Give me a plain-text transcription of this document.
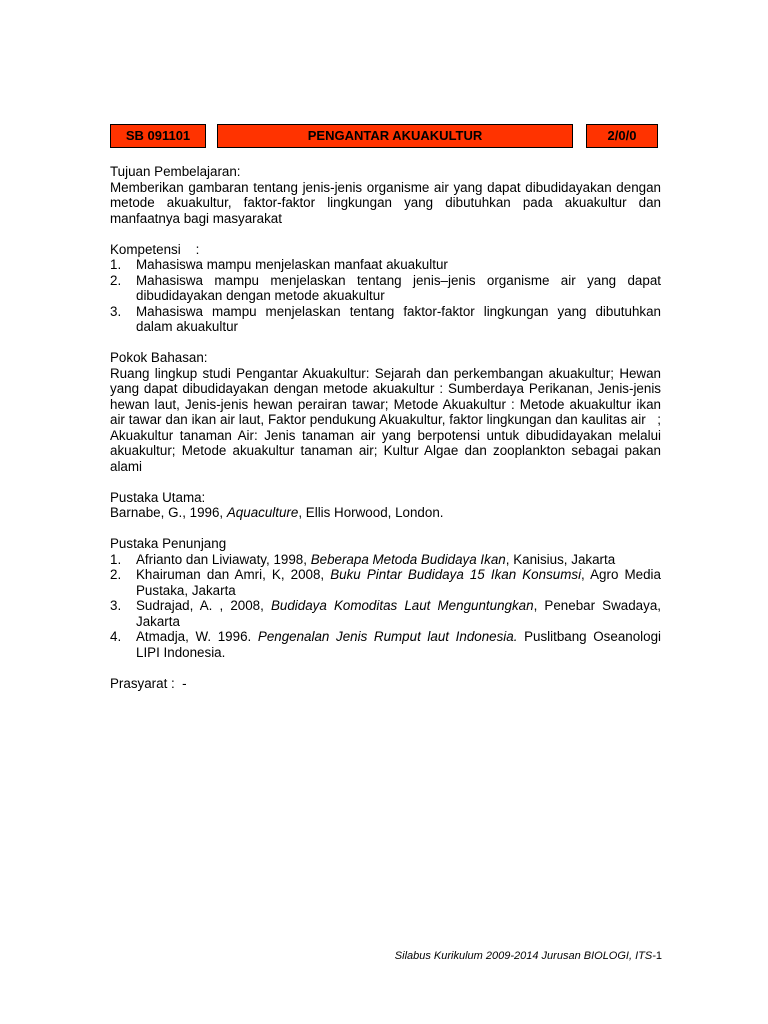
SB 091101	PENGANTAR AKUAKULTUR	2/0/0

Tujuan Pembelajaran:

Memberikan gambaran tentang jenis-jenis organisme air yang dapat dibudidayakan dengan metode akuakultur, faktor-faktor lingkungan yang dibutuhkan pada akuakultur dan manfaatnya bagi masyarakat

Kompetensi    :

1. Mahasiswa mampu menjelaskan manfaat akuakultur
2. Mahasiswa mampu menjelaskan tentang jenis–jenis organisme air yang dapat dibudidayakan dengan metode akuakultur
3. Mahasiswa mampu menjelaskan tentang faktor-faktor lingkungan yang dibutuhkan dalam akuakultur

Pokok Bahasan:

Ruang lingkup studi Pengantar Akuakultur: Sejarah dan perkembangan akuakultur; Hewan yang dapat dibudidayakan dengan metode akuakultur : Sumberdaya Perikanan, Jenis-jenis hewan laut, Jenis-jenis hewan perairan tawar; Metode Akuakultur : Metode akuakultur ikan air tawar dan ikan air laut, Faktor pendukung Akuakultur, faktor lingkungan dan kaulitas air   ; Akuakultur tanaman Air: Jenis tanaman air yang berpotensi untuk dibudidayakan melalui akuakultur; Metode akuakultur tanaman air; Kultur Algae dan zooplankton sebagai pakan alami

Pustaka Utama:

Barnabe, G., 1996, Aquaculture, Ellis Horwood, London.

Pustaka Penunjang

1. Afrianto dan Liviawaty, 1998, Beberapa Metoda Budidaya Ikan, Kanisius, Jakarta
2. Khairuman dan Amri, K, 2008, Buku Pintar Budidaya 15 Ikan Konsumsi, Agro Media Pustaka, Jakarta
3. Sudrajad, A. , 2008, Budidaya Komoditas Laut Menguntungkan, Penebar Swadaya, Jakarta
4. Atmadja, W. 1996. Pengenalan Jenis Rumput laut Indonesia. Puslitbang Oseanologi LIPI Indonesia.

Prasyarat :  -

Silabus Kurikulum 2009-2014 Jurusan BIOLOGI, ITS-1
